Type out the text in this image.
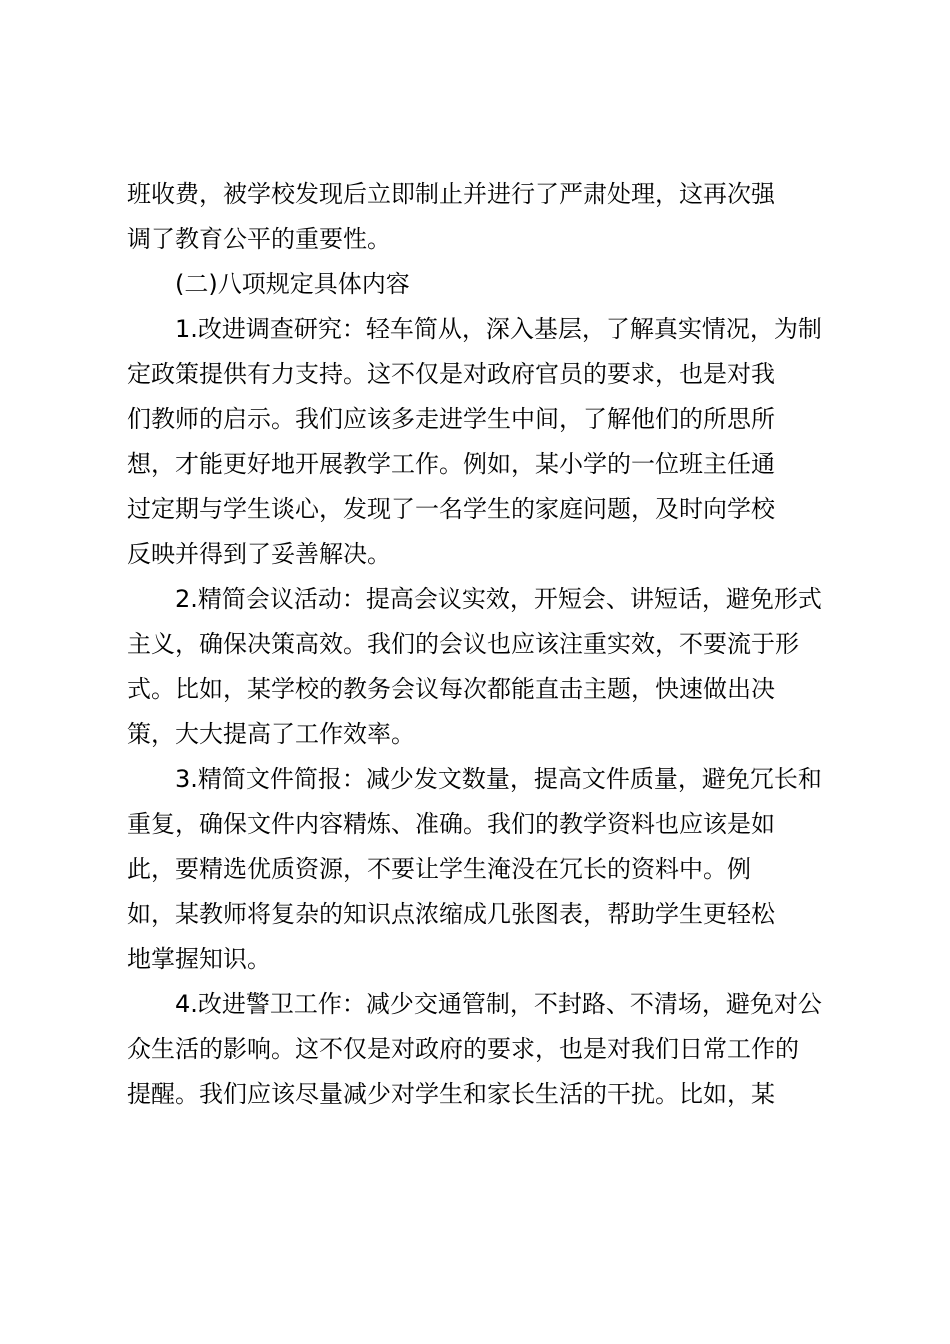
班收费，被学校发现后立即制止并进行了严肃处理，这再次强
调了教育公平的重要性。
(二)八项规定具体内容
1.改进调查研究：轻车简从，深入基层，了解真实情况，为制
定政策提供有力支持。这不仅是对政府官员的要求，也是对我
们教师的启示。我们应该多走进学生中间，了解他们的所思所
想，才能更好地开展教学工作。例如，某小学的一位班主任通
过定期与学生谈心，发现了一名学生的家庭问题，及时向学校
反映并得到了妥善解决。
2.精简会议活动：提高会议实效，开短会、讲短话，避免形式
主义，确保决策高效。我们的会议也应该注重实效，不要流于形
式。比如，某学校的教务会议每次都能直击主题，快速做出决
策，大大提高了工作效率。
3.精简文件简报：减少发文数量，提高文件质量，避免冗长和
重复，确保文件内容精炼、准确。我们的教学资料也应该是如
此，要精选优质资源，不要让学生淹没在冗长的资料中。例
如，某教师将复杂的知识点浓缩成几张图表，帮助学生更轻松
地掌握知识。
4.改进警卫工作：减少交通管制，不封路、不清场，避免对公
众生活的影响。这不仅是对政府的要求，也是对我们日常工作的
提醒。我们应该尽量减少对学生和家长生活的干扰。比如，某
